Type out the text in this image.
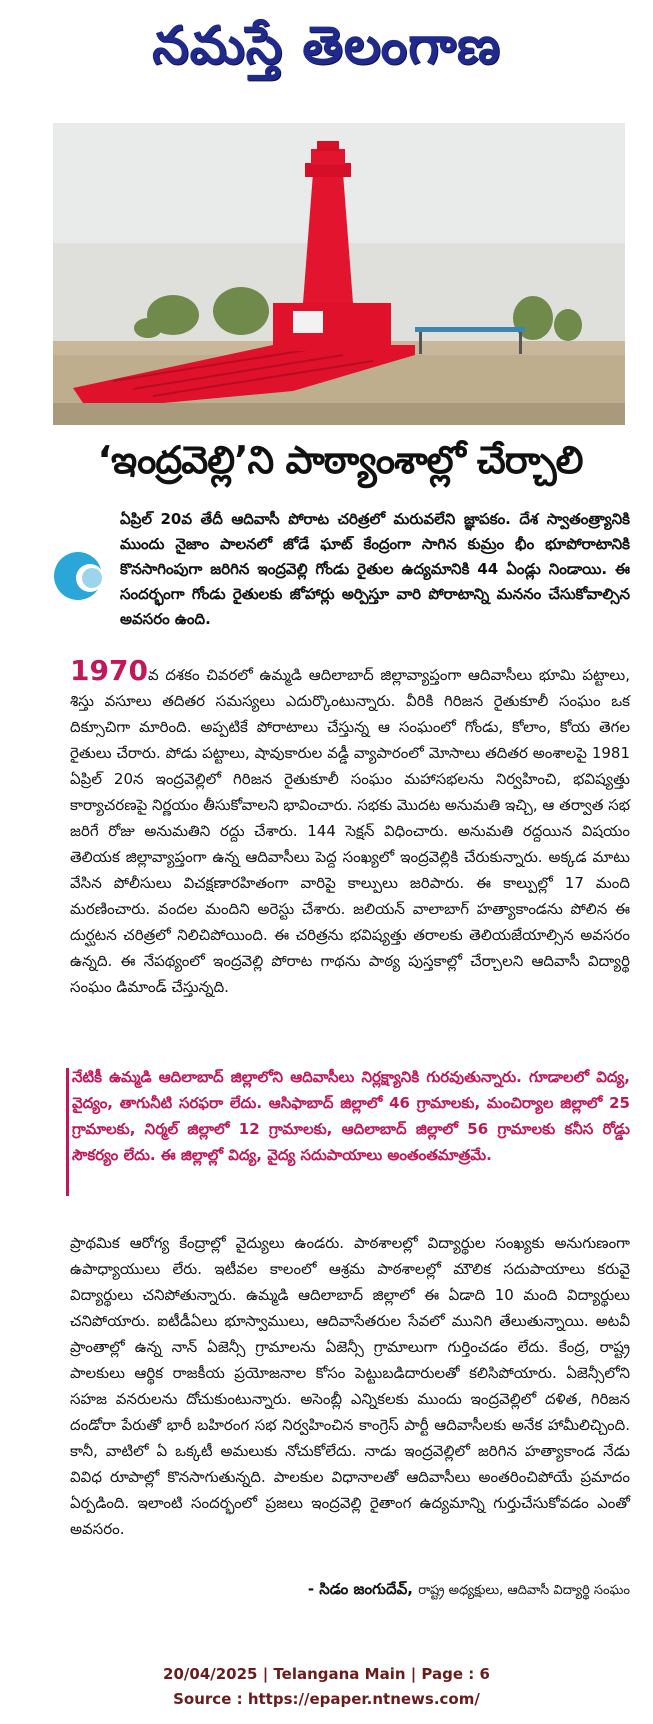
నమస్తే తెలంగాణ
‘ఇంద్రవెల్లి’ని పాఠ్యాంశాల్లో చేర్చాలి

ఏప్రిల్ 20వ తేదీ ఆదివాసీ పోరాట చరిత్రలో మరువలేని జ్ఞాపకం. దేశ స్వాతంత్ర్యానికి ముందు నైజాం పాలనలో జోడే ఘాట్ కేంద్రంగా సాగిన కుమ్రం భీం భూపోరాటానికి కొనసాగింపుగా జరిగిన ఇంద్రవెల్లి గోండు రైతుల ఉద్యమానికి 44 ఏండ్లు నిండాయి. ఈ సందర్భంగా గోండు రైతులకు జోహార్లు అర్పిస్తూ వారి పోరాటాన్ని మననం చేసుకోవాల్సిన అవసరం ఉంది.

1970వ దశకం చివరలో ఉమ్మడి ఆదిలాబాద్ జిల్లావ్యాప్తంగా ఆదివాసీలు భూమి పట్టాలు, శిస్తు వసూలు తదితర సమస్యలు ఎదుర్కొంటున్నారు. వీరికి గిరిజన రైతుకూలీ సంఘం ఒక దిక్సూచిగా మారింది. అప్పటికే పోరాటాలు చేస్తున్న ఆ సంఘంలో గోండు, కోలాం, కోయ తెగల రైతులు చేరారు. పోడు పట్టాలు, షావుకారుల వడ్డీ వ్యాపారంలో మోసాలు తదితర అంశాలపై 1981 ఏప్రిల్ 20న ఇంద్రవెల్లిలో గిరిజన రైతుకూలీ సంఘం మహాసభలను నిర్వహించి, భవిష్యత్తు కార్యాచరణపై నిర్ణయం తీసుకోవాలని భావించారు. సభకు మొదట అనుమతి ఇచ్చి, ఆ తర్వాత సభ జరిగే రోజు అనుమతిని రద్దు చేశారు. 144 సెక్షన్ విధించారు. అనుమతి రద్దయిన విషయం తెలియక జిల్లావ్యాప్తంగా ఉన్న ఆదివాసీలు పెద్ద సంఖ్యలో ఇంద్రవెల్లికి చేరుకున్నారు. అక్కడ మాటు వేసిన పోలీసులు విచక్షణారహితంగా వారిపై కాల్పులు జరిపారు. ఈ కాల్పుల్లో 17 మంది మరణించారు. వందల మందిని అరెస్టు చేశారు. జలియన్ వాలాబాగ్ హత్యాకాండను పోలిన ఈ దుర్ఘటన చరిత్రలో నిలిచిపోయింది. ఈ చరిత్రను భవిష్యత్తు తరాలకు తెలియజేయాల్సిన అవసరం ఉన్నది. ఈ నేపథ్యంలో ఇంద్రవెల్లి పోరాట గాథను పాఠ్య పుస్తకాల్లో చేర్చాలని ఆదివాసీ విద్యార్థి సంఘం డిమాండ్ చేస్తున్నది.

నేటికీ ఉమ్మడి ఆదిలాబాద్ జిల్లాలోని ఆదివాసీలు నిర్లక్ష్యానికి గురవుతున్నారు. గూడాలలో విద్య, వైద్యం, తాగునీటి సరఫరా లేదు. ఆసిఫాబాద్ జిల్లాలో 46 గ్రామాలకు, మంచిర్యాల జిల్లాలో 25 గ్రామాలకు, నిర్మల్ జిల్లాలో 12 గ్రామాలకు, ఆదిలాబాద్ జిల్లాలో 56 గ్రామాలకు కనీస రోడ్డు సౌకర్యం లేదు. ఈ జిల్లాల్లో విద్య, వైద్య సదుపాయాలు అంతంతమాత్రమే.

ప్రాథమిక ఆరోగ్య కేంద్రాల్లో వైద్యులు ఉండరు. పాఠశాలల్లో విద్యార్థుల సంఖ్యకు అనుగుణంగా ఉపాధ్యాయులు లేరు. ఇటీవల కాలంలో ఆశ్రమ పాఠశాలల్లో మౌలిక సదుపాయాలు కరువై విద్యార్థులు చనిపోతున్నారు. ఉమ్మడి ఆదిలాబాద్ జిల్లాలో ఈ ఏడాది 10 మంది విద్యార్థులు చనిపోయారు. ఐటీడీఏలు భూస్వాములు, ఆదివాసేతరుల సేవలో మునిగి తేలుతున్నాయి. అటవీ ప్రాంతాల్లో ఉన్న నాన్ ఏజెన్సీ గ్రామాలను ఏజెన్సీ గ్రామాలుగా గుర్తించడం లేదు. కేంద్ర, రాష్ట్ర పాలకులు ఆర్థిక రాజకీయ ప్రయోజనాల కోసం పెట్టుబడిదారులతో కలిసిపోయారు. ఏజెన్సీలోని సహజ వనరులను దోచుకుంటున్నారు. అసెంబ్లీ ఎన్నికలకు ముందు ఇంద్రవెల్లిలో దళిత, గిరిజన దండోరా పేరుతో భారీ బహిరంగ సభ నిర్వహించిన కాంగ్రెస్ పార్టీ ఆదివాసీలకు అనేక హామీలిచ్చింది. కానీ, వాటిలో ఏ ఒక్కటీ అమలుకు నోచుకోలేదు. నాడు ఇంద్రవెల్లిలో జరిగిన హత్యాకాండ నేడు వివిధ రూపాల్లో కొనసాగుతున్నది. పాలకుల విధానాలతో ఆదివాసీలు అంతరించిపోయే ప్రమాదం ఏర్పడింది. ఇలాంటి సందర్భంలో ప్రజలు ఇంద్రవెల్లి రైతాంగ ఉద్యమాన్ని గుర్తుచేసుకోవడం ఎంతో అవసరం.

- సిడం జంగుదేవ్, రాష్ట్ర అధ్యక్షులు, ఆదివాసీ విద్యార్థి సంఘం
20/04/2025 | Telangana Main | Page : 6
Source : https://epaper.ntnews.com/
